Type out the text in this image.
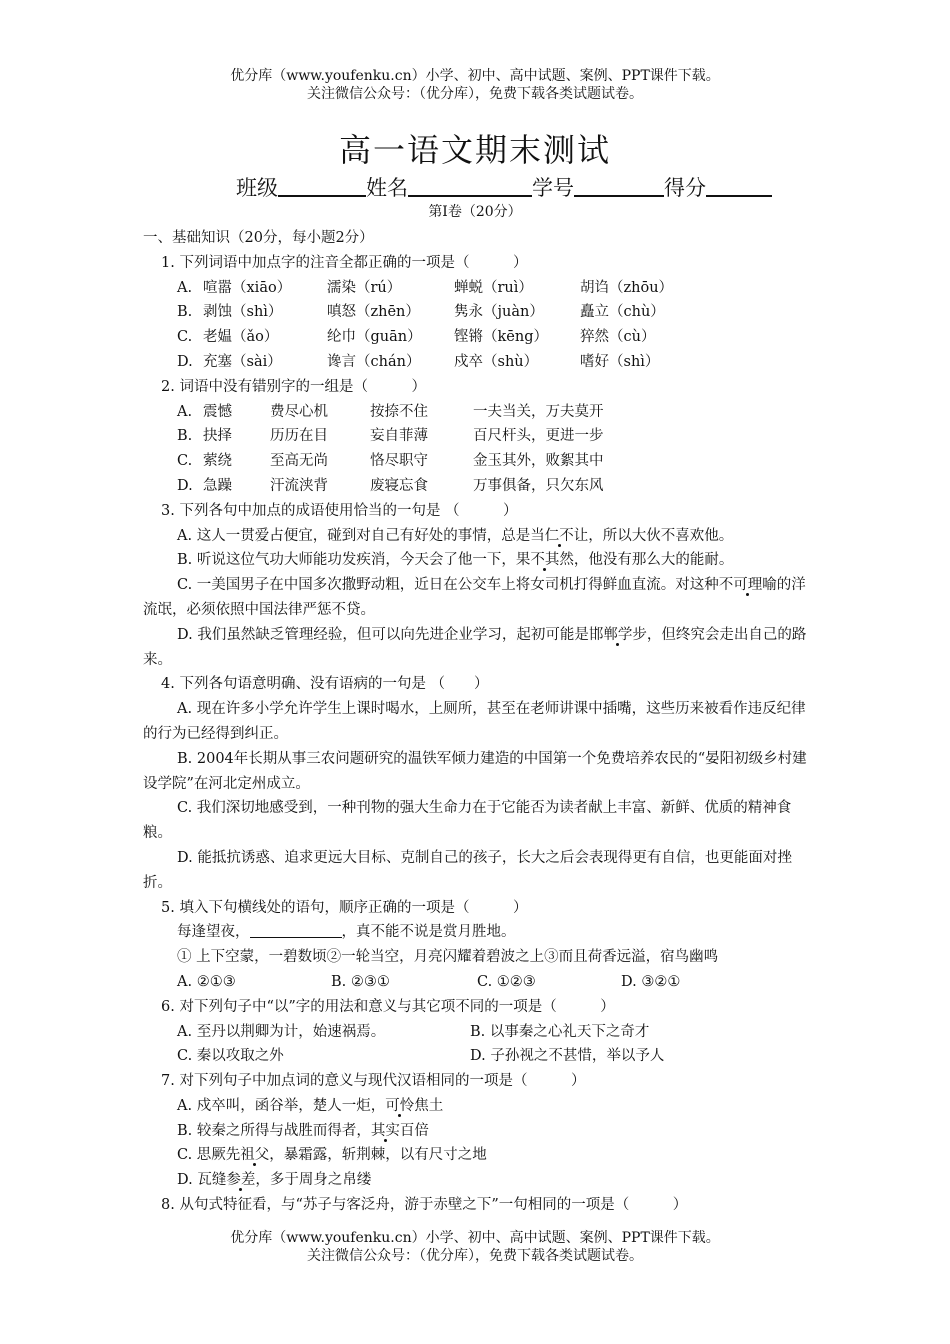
优分库（www.youfenku.cn）小学、初中、高中试题、案例、PPT课件下载。
关注微信公众号：（优分库），免费下载各类试题试卷。
高一语文期末测试
班级	姓名	学号	得分
第Ⅰ卷（20分）
一、基础知识（20分，每小题2分）
1. 下列词语中加点字的注音全都正确的一项是（　　　）
A. 喧嚣（xiāo） 濡染（rú）	蝉蜕（ruì）	胡诌（zhōu）
B. 剥蚀（shì）	嗔怒（zhēn） 隽永（juàn） 矗立（chù）
C. 老媪（ǎo）	纶巾（guān） 铿锵（kēng） 猝然（cù）
D. 充塞（sài）	谗言（chán） 戍卒（shù）	嗜好（shì）
2. 词语中没有错别字的一组是（　　　）
A. 震憾	费尽心机	按捺不住	一夫当关，万夫莫开
B. 抉择	历历在目	妄自菲薄	百尺杆头，更进一步
C. 萦绕	至高无尚	恪尽职守	金玉其外，败絮其中
D. 急躁	汗流浃背	废寝忘食	万事俱备，只欠东风
3. 下列各句中加点的成语使用恰当的一句是 （　　　）
A. 这人一贯爱占便宜，碰到对自己有好处的事情，总是当仁不让，所以大伙不喜欢他。
B. 听说这位气功大师能功发疾消，今天会了他一下，果不其然，他没有那么大的能耐。
C. 一美国男子在中国多次撒野动粗，近日在公交车上将女司机打得鲜血直流。对这种不可理喻的洋流氓，必须依照中国法律严惩不贷。
D. 我们虽然缺乏管理经验，但可以向先进企业学习，起初可能是邯郸学步，但终究会走出自己的路来。
4. 下列各句语意明确、没有语病的一句是 （　　）
A. 现在许多小学允许学生上课时喝水，上厕所，甚至在老师讲课中插嘴，这些历来被看作违反纪律的行为已经得到纠正。
B. 2004年长期从事三农问题研究的温铁军倾力建造的中国第一个免费培养农民的“晏阳初级乡村建设学院”在河北定州成立。
C. 我们深切地感受到，一种刊物的强大生命力在于它能否为读者献上丰富、新鲜、优质的精神食粮。
D. 能抵抗诱惑、追求更远大目标、克制自己的孩子，长大之后会表现得更有自信，也更能面对挫折。
5. 填入下句横线处的语句，顺序正确的一项是（　　　）
每逢望夜，	，真不能不说是赏月胜地。
① 上下空蒙，一碧数顷②一轮当空，月亮闪耀着碧波之上③而且荷香远溢，宿鸟幽鸣
A. ②①③	B. ②③①	C. ①②③	D. ③②①
6. 对下列句子中“以”字的用法和意义与其它项不同的一项是（　　　）
A. 至丹以荆卿为计，始速祸焉。	B. 以事秦之心礼天下之奇才
C. 秦以攻取之外	D. 子孙视之不甚惜，举以予人
7. 对下列句子中加点词的意义与现代汉语相同的一项是（　　　）
A. 戍卒叫，函谷举，楚人一炬，可怜焦土
B. 较秦之所得与战胜而得者，其实百倍
C. 思厥先祖父，暴霜露，斩荆棘，以有尺寸之地
D. 瓦缝参差，多于周身之帛缕
8. 从句式特征看，与“苏子与客泛舟，游于赤壁之下”一句相同的一项是（　　　）
优分库（www.youfenku.cn）小学、初中、高中试题、案例、PPT课件下载。
关注微信公众号：（优分库），免费下载各类试题试卷。
